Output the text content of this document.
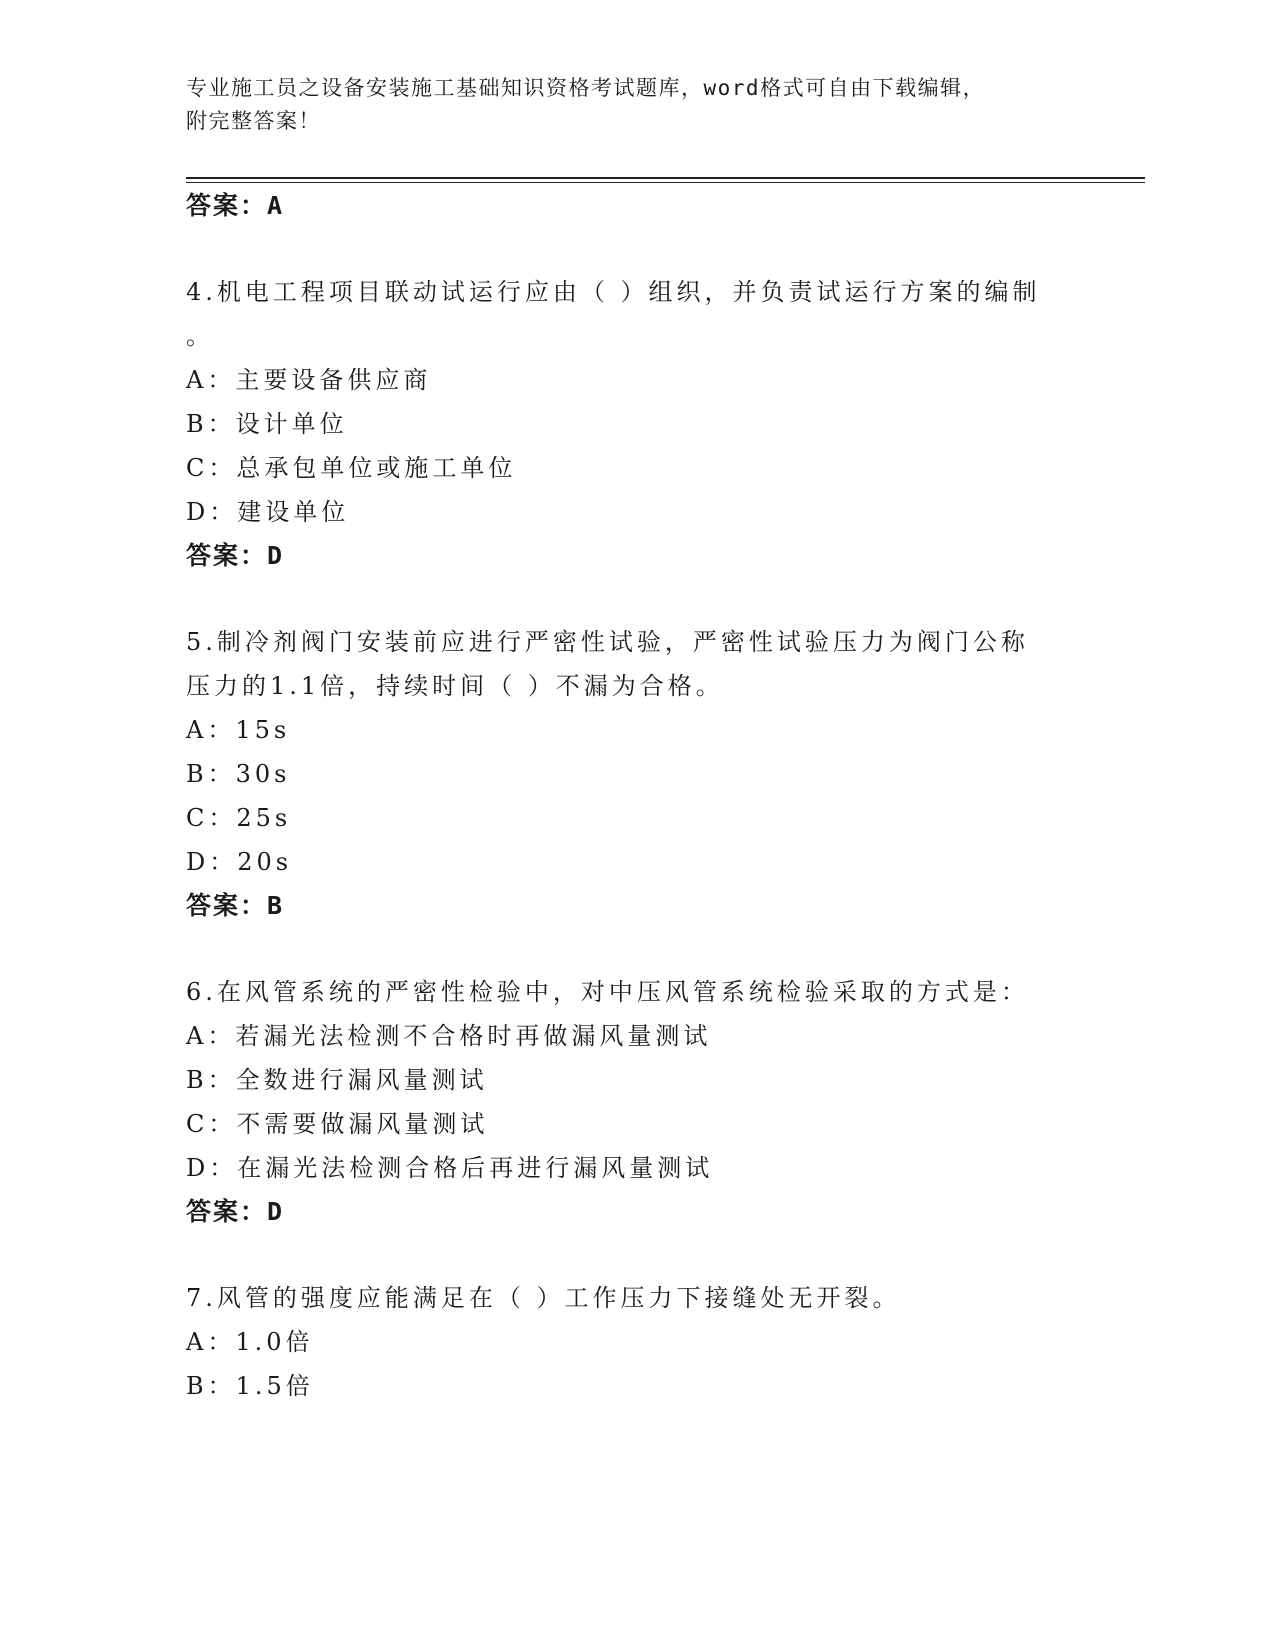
专业施工员之设备安装施工基础知识资格考试题库，word格式可自由下载编辑，
附完整答案！
答案：A
4.机电工程项目联动试运行应由（ ）组织，并负责试运行方案的编制
。
A：主要设备供应商
B：设计单位
C：总承包单位或施工单位
D：建设单位
答案：D
5.制冷剂阀门安装前应进行严密性试验，严密性试验压力为阀门公称
压力的1.1倍，持续时间（ ）不漏为合格。
A：15s
B：30s
C：25s
D：20s
答案：B
6.在风管系统的严密性检验中，对中压风管系统检验采取的方式是：
A：若漏光法检测不合格时再做漏风量测试
B：全数进行漏风量测试
C：不需要做漏风量测试
D：在漏光法检测合格后再进行漏风量测试
答案：D
7.风管的强度应能满足在（ ）工作压力下接缝处无开裂。
A：1.0倍
B：1.5倍
